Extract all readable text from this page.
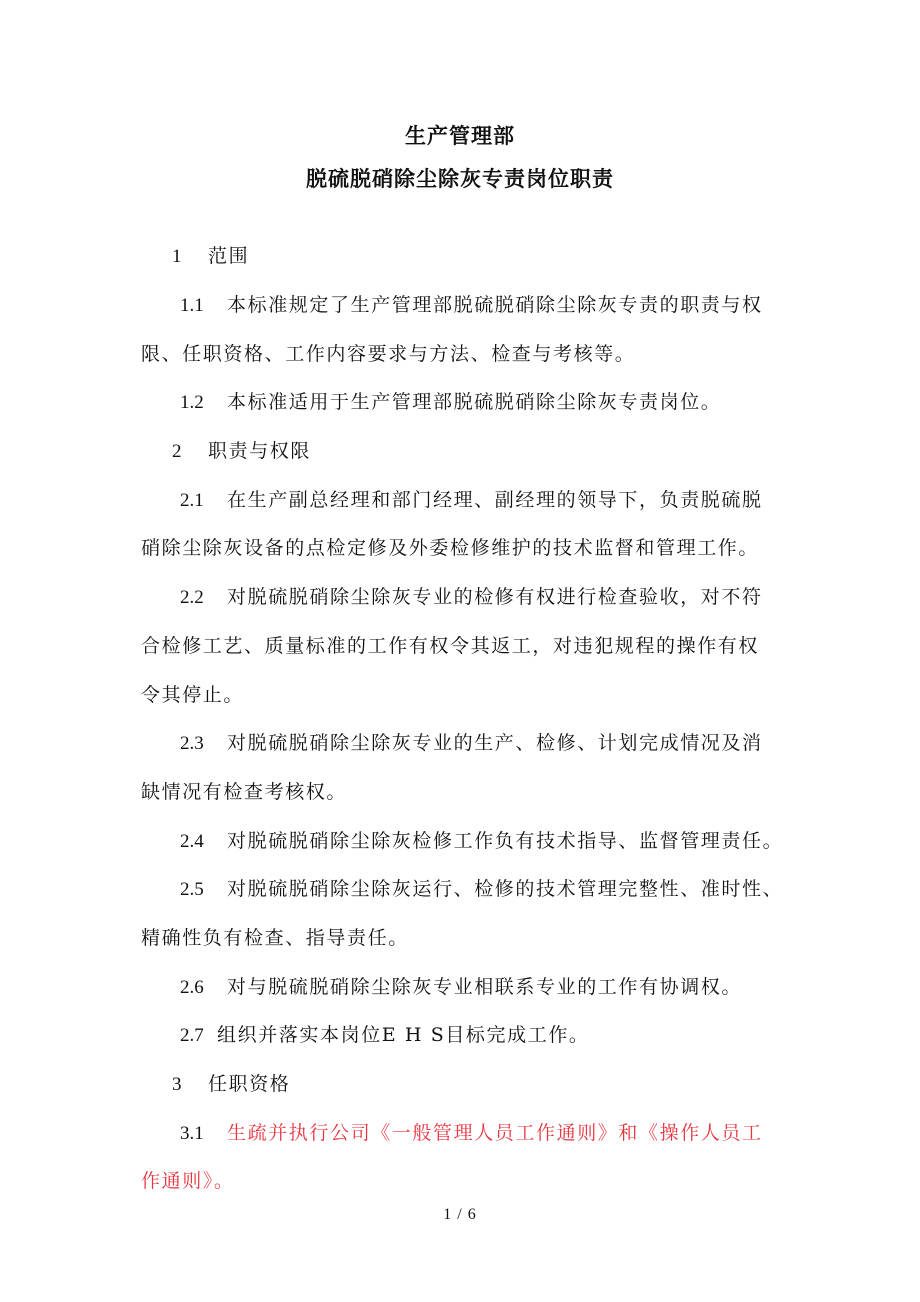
生产管理部
脱硫脱硝除尘除灰专责岗位职责
1 范围
1.1 本标准规定了生产管理部脱硫脱硝除尘除灰专责的职责与权
限、任职资格、工作内容要求与方法、检查与考核等。
1.2 本标准适用于生产管理部脱硫脱硝除尘除灰专责岗位。
2 职责与权限
2.1 在生产副总经理和部门经理、副经理的领导下，负责脱硫脱
硝除尘除灰设备的点检定修及外委检修维护的技术监督和管理工作。
2.2 对脱硫脱硝除尘除灰专业的检修有权进行检查验收，对不符
合检修工艺、质量标准的工作有权令其返工，对违犯规程的操作有权
令其停止。
2.3 对脱硫脱硝除尘除灰专业的生产、检修、计划完成情况及消
缺情况有检查考核权。
2.4 对脱硫脱硝除尘除灰检修工作负有技术指导、监督管理责任。
2.5 对脱硫脱硝除尘除灰运行、检修的技术管理完整性、准时性、
精确性负有检查、指导责任。
2.6 对与脱硫脱硝除尘除灰专业相联系专业的工作有协调权。
2.7 组织并落实本岗位E H S目标完成工作。
3 任职资格
3.1 生疏并执行公司《一般管理人员工作通则》和《操作人员工
作通则》。
1 / 6
